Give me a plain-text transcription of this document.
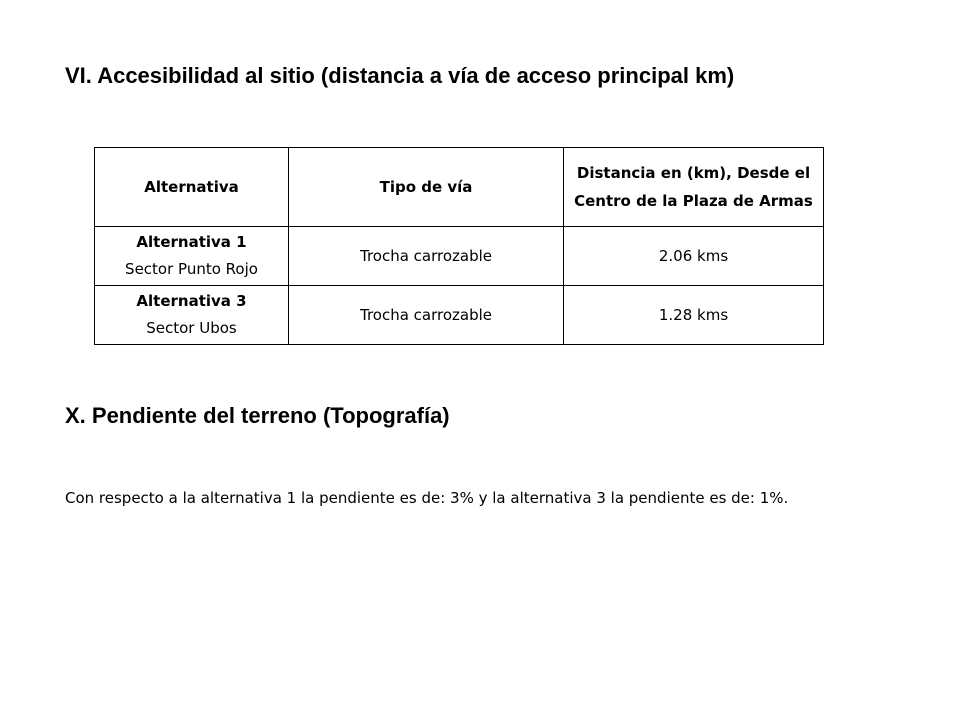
VI. Accesibilidad al sitio (distancia a vía de acceso principal km)
Alternativa	Tipo de vía	Distancia en (km), Desde el
Centro de la Plaza de Armas

Alternativa 1
Sector Punto Rojo	Trocha carrozable	2.06 kms

Alternativa 3
Sector Ubos	Trocha carrozable	1.28 kms
X. Pendiente del terreno (Topografía)

Con respecto a la alternativa 1 la pendiente es de: 3% y la alternativa 3 la pendiente es de: 1%.
